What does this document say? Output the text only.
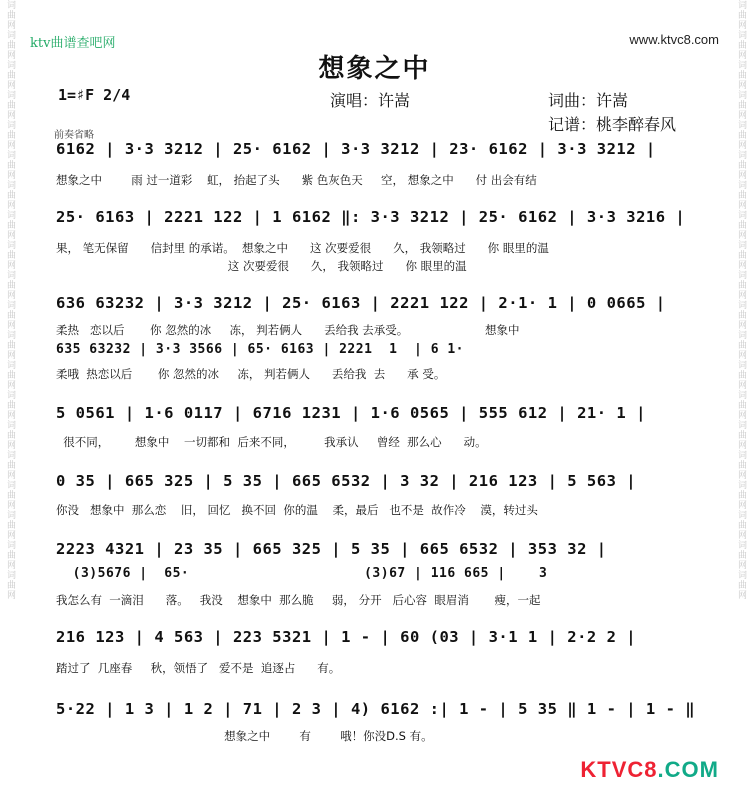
词曲网词曲网词曲网词曲网词曲网词曲网词曲网词曲网词曲网词曲网词曲网词曲网词曲网词曲网词曲网词曲网词曲网词曲网词曲网词曲网	词曲网词曲网词曲网词曲网词曲网词曲网词曲网词曲网词曲网词曲网词曲网词曲网词曲网词曲网词曲网词曲网词曲网词曲网词曲网词曲网
ktv曲谱查吧网	www.ktvc8.com
想象之中
1=♯F 2/4	演唱：许嵩	词曲：许嵩
记谱：桃李醉春风
前奏省略
6162 | 3·3 3212 | 25· 6162 | 3·3 3212 | 23· 6162 | 3·3 3212 |
想象之中        雨 过一道彩    虹， 抬起了头      紫 色灰色天     空， 想象之中      付 出会有结
25· 6163 | 2221 122 | 1 6162 ‖: 3·3 3212 | 25· 6162 | 3·3 3216 |
果， 笔无保留      信封里 的承诺。  想象之中      这 次要爱很      久， 我领略过      你 眼里的温
这 次要爱很      久， 我领略过      你 眼里的温
636 63232 | 3·3 3212 | 25· 6163 | 2221 122 | 2·1· 1 | 0 0665 |
柔热   恋以后       你 忽然的冰     冻， 判若俩人      丢给我 去承受。                     想象中
635 63232 | 3·3 3566 | 65· 6163 | 2221  1  | 6 1·
柔哦  热恋以后       你 忽然的冰     冻， 判若俩人      丢给我  去      承 受。
5 0561 | 1·6 0117 | 6716 1231 | 1·6 0565 | 555 612 | 21· 1 |
很不同，       想象中    一切都和  后来不同，        我承认     曾经  那么心      动。
0 35 | 665 325 | 5 35 | 665 6532 | 3 32 | 216 123 | 5 563 |
你没   想象中  那么恋    旧， 回忆   换不回  你的温    柔，最后   也不是  故作冷    漠，转过头
2223 4321 | 23 35 | 665 325 | 5 35 | 665 6532 | 353 32 |
(3)5676 |  65·                     (3)67 | 116 665 |    3
我怎么有  一滴泪      落。   我没    想象中  那么脆     弱， 分开   后心容  眼眉消       瘦，一起
216 123 | 4 563 | 223 5321 | 1 - | 60 (03 | 3·1 1 | 2·2 2 |
踏过了  几座春     秋，领悟了   爱不是  追逐占      有。
5·22 | 1 3 | 1 2 | 71 | 2 3 | 4) 6162 :| 1 - | 5 35 ‖ 1 - | 1 - ‖
想象之中        有        哦！你没D.S 有。
KTVC8.COM
